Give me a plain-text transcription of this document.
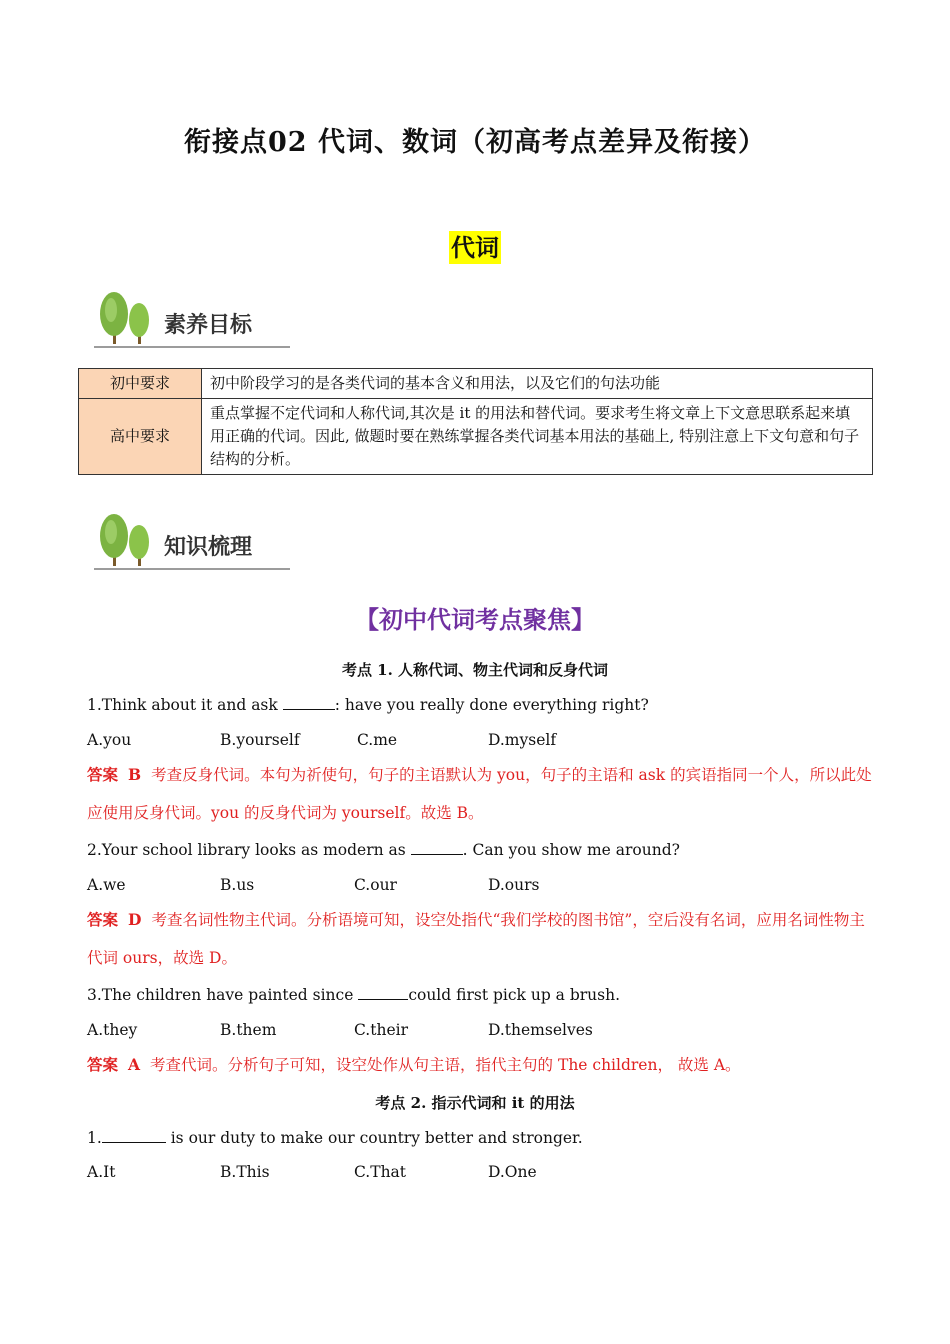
衔接点02 代词、数词（初高考点差异及衔接）
代词
素养目标
初中要求	初中阶段学习的是各类代词的基本含义和用法，以及它们的句法功能
高中要求	重点掌握不定代词和人称代词,其次是 it 的用法和替代词。要求考生将文章上下文意思联系起来填用正确的代词。因此, 做题时要在熟练掌握各类代词基本用法的基础上, 特别注意上下文句意和句子结构的分析。
知识梳理
【初中代词考点聚焦】
考点 1. 人称代词、物主代词和反身代词
1.Think about it and ask	: have you really done everything right?
A.you	B.yourself	C.me	D.myself
答案 B 考查反身代词。本句为祈使句，句子的主语默认为 you，句子的主语和 ask 的宾语指同一个人，所以此处应使用反身代词。you 的反身代词为 yourself。故选 B。
2.Your school library looks as modern as	. Can you show me around?
A.we	B.us	C.our	D.ours
答案 D 考查名词性物主代词。分析语境可知，设空处指代“我们学校的图书馆”，空后没有名词，应用名词性物主代词 ours，故选 D。
3.The children have painted since	could first pick up a brush.
A.they	B.them	C.their	D.themselves
答案 A 考查代词。分析句子可知，设空处作从句主语，指代主句的 The children， 故选 A。
考点 2. 指示代词和 it 的用法
1.	is our duty to make our country better and stronger.
A.It	B.This	C.That	D.One
